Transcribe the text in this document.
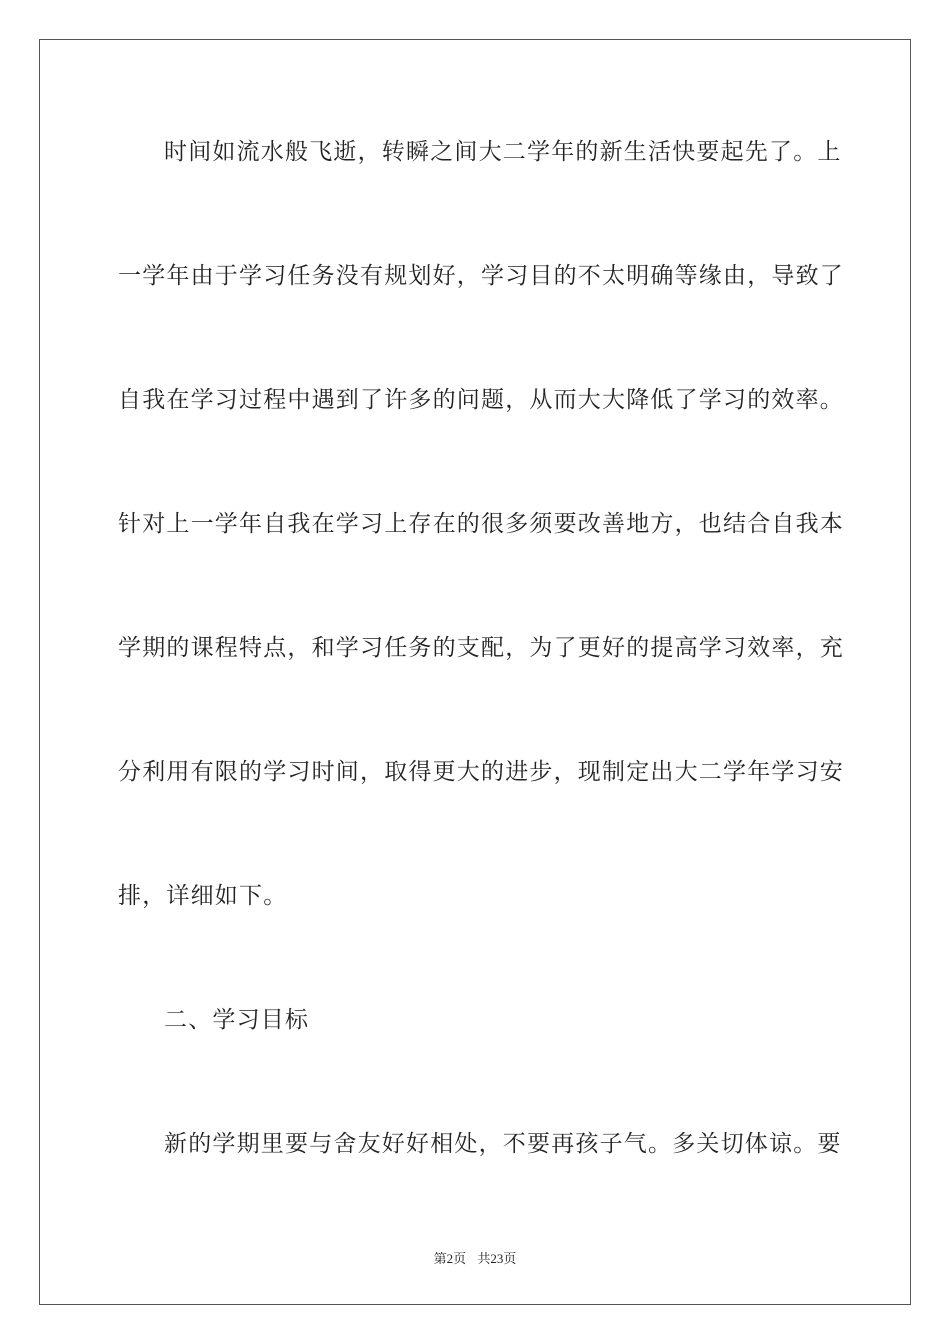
时间如流水般飞逝，转瞬之间大二学年的新生活快要起先了。上
一学年由于学习任务没有规划好，学习目的不太明确等缘由，导致了
自我在学习过程中遇到了许多的问题，从而大大降低了学习的效率。
针对上一学年自我在学习上存在的很多须要改善地方，也结合自我本
学期的课程特点，和学习任务的支配，为了更好的提高学习效率，充
分利用有限的学习时间，取得更大的进步，现制定出大二学年学习安
排，详细如下。
二、学习目标
新的学期里要与舍友好好相处，不要再孩子气。多关切体谅。要
第2页 共23页
